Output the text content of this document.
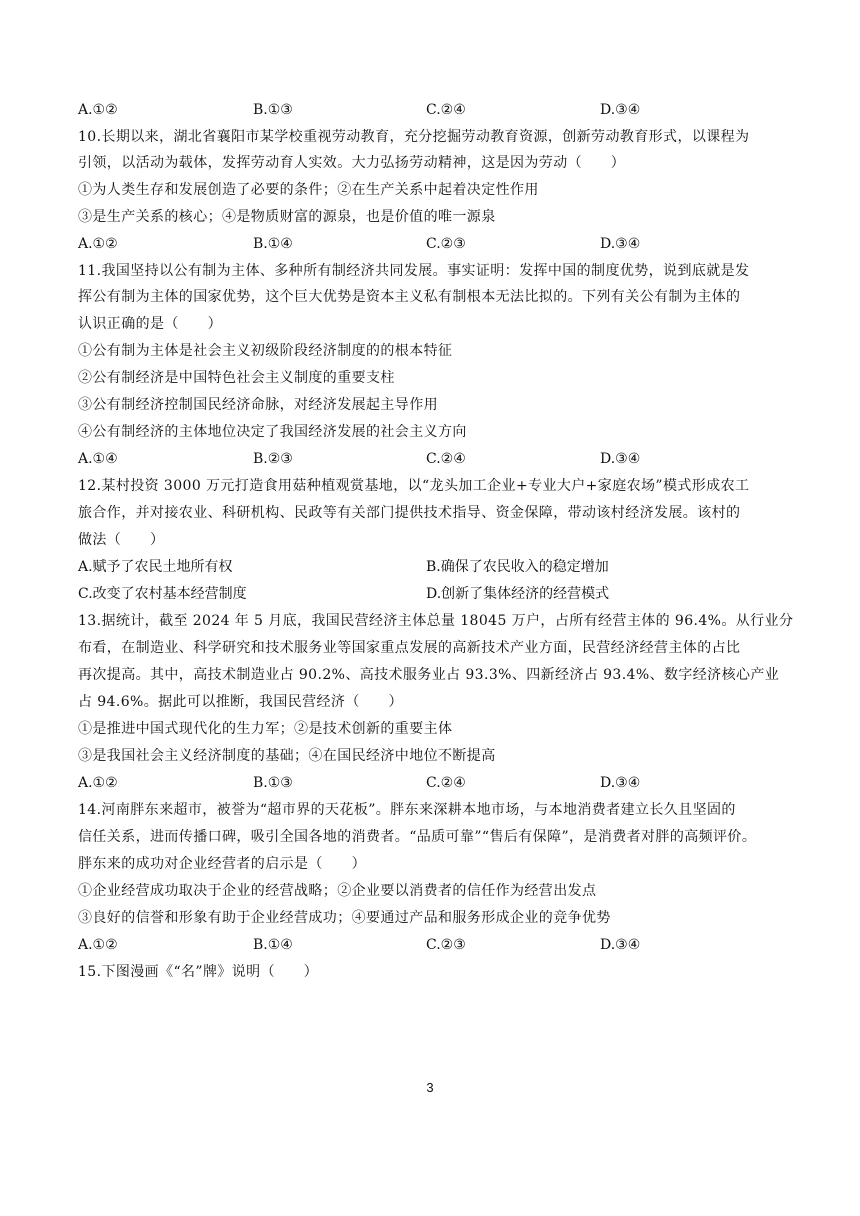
A.①②	B.①③	C.②④	D.③④
10.长期以来，湖北省襄阳市某学校重视劳动教育，充分挖掘劳动教育资源，创新劳动教育形式，以课程为
引领，以活动为载体，发挥劳动育人实效。大力弘扬劳动精神，这是因为劳动（　　）
①为人类生存和发展创造了必要的条件；②在生产关系中起着决定性作用
③是生产关系的核心；④是物质财富的源泉，也是价值的唯一源泉
A.①②	B.①④	C.②③	D.③④
11.我国坚持以公有制为主体、多种所有制经济共同发展。事实证明：发挥中国的制度优势，说到底就是发
挥公有制为主体的国家优势，这个巨大优势是资本主义私有制根本无法比拟的。下列有关公有制为主体的
认识正确的是（　　）
①公有制为主体是社会主义初级阶段经济制度的的根本特征
②公有制经济是中国特色社会主义制度的重要支柱
③公有制经济控制国民经济命脉，对经济发展起主导作用
④公有制经济的主体地位决定了我国经济发展的社会主义方向
A.①④	B.②③	C.②④	D.③④
12.某村投资 3000 万元打造食用菇种植观赏基地，以“龙头加工企业+专业大户+家庭农场”模式形成农工
旅合作，并对接农业、科研机构、民政等有关部门提供技术指导、资金保障，带动该村经济发展。该村的
做法（　　）
A.赋予了农民土地所有权	B.确保了农民收入的稳定增加
C.改变了农村基本经营制度	D.创新了集体经济的经营模式
13.据统计，截至 2024 年 5 月底，我国民营经济主体总量 18045 万户，占所有经营主体的 96.4%。从行业分
布看，在制造业、科学研究和技术服务业等国家重点发展的高新技术产业方面，民营经济经营主体的占比
再次提高。其中，高技术制造业占 90.2%、高技术服务业占 93.3%、四新经济占 93.4%、数字经济核心产业
占 94.6%。据此可以推断，我国民营经济（　　）
①是推进中国式现代化的生力军；②是技术创新的重要主体
③是我国社会主义经济制度的基础；④在国民经济中地位不断提高
A.①②	B.①③	C.②④	D.③④
14.河南胖东来超市，被誉为“超市界的天花板”。胖东来深耕本地市场，与本地消费者建立长久且坚固的
信任关系，进而传播口碑，吸引全国各地的消费者。“品质可靠”“售后有保障”，是消费者对胖的高频评价。
胖东来的成功对企业经营者的启示是（　　）
①企业经营成功取决于企业的经营战略；②企业要以消费者的信任作为经营出发点
③良好的信誉和形象有助于企业经营成功；④要通过产品和服务形成企业的竞争优势
A.①②	B.①④	C.②③	D.③④
15.下图漫画《“名”牌》说明（　　）
3
